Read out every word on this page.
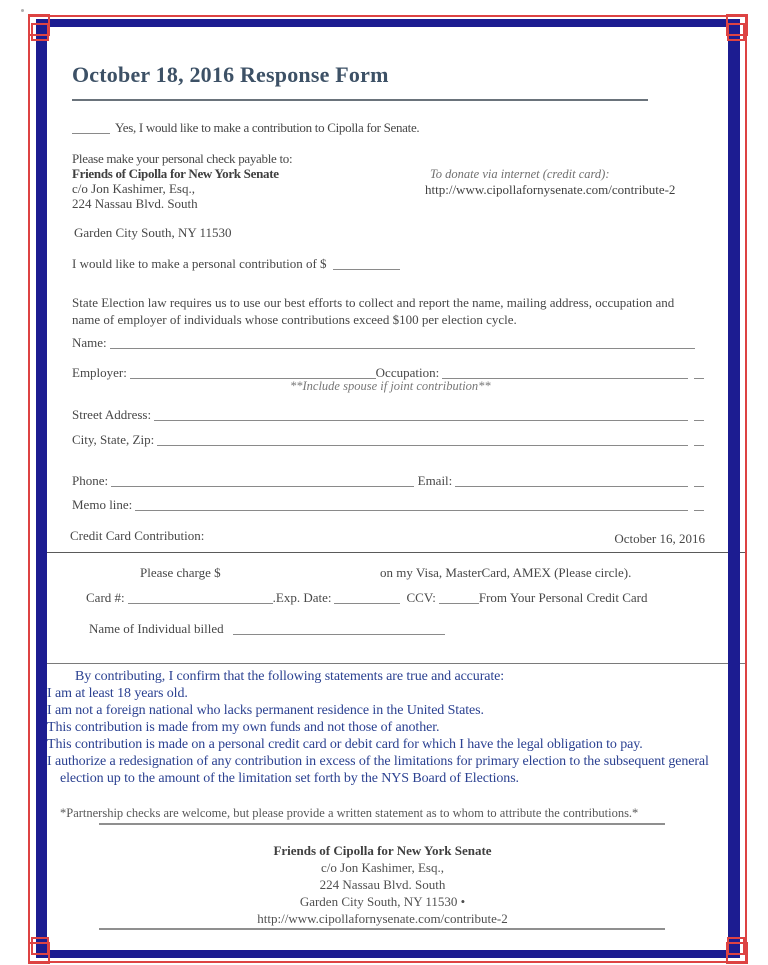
October 18, 2016 Response Form
Yes, I would like to make a contribution to Cipolla for Senate.
Please make your personal check payable to:
Friends of Cipolla for New York Senate
c/o Jon Kashimer, Esq.,
224 Nassau Blvd. South
Garden City South, NY 11530
To donate via internet (credit card):
http://www.cipollafornysenate.com/contribute-2
I would like to make a personal contribution of $
State Election law requires us to use our best efforts to collect and report the name, mailing address, occupation and
name of employer of individuals whose contributions exceed $100 per election cycle.
Name:
Employer:	Occupation:
**Include spouse if joint contribution**
Street Address:
City, State, Zip:
Phone:	Email:
Memo line:
Credit Card Contribution:	October 16, 2016
Please charge $	on my Visa, MasterCard, AMEX (Please circle).
Card #:	.Exp. Date:	CCV:	From Your Personal Credit Card
Name of Individual billed
By contributing, I confirm that the following statements are true and accurate:
I am at least 18 years old.
I am not a foreign national who lacks permanent residence in the United States.
This contribution is made from my own funds and not those of another.
This contribution is made on a personal credit card or debit card for which I have the legal obligation to pay.
I authorize a redesignation of any contribution in excess of the limitations for primary election to the subsequent general
election up to the amount of the limitation set forth by the NYS Board of Elections.
*Partnership checks are welcome, but please provide a written statement as to whom to attribute the contributions.*
Friends of Cipolla for New York Senate
c/o Jon Kashimer, Esq.,
224 Nassau Blvd. South
Garden City South, NY 11530 •
http://www.cipollafornysenate.com/contribute-2
